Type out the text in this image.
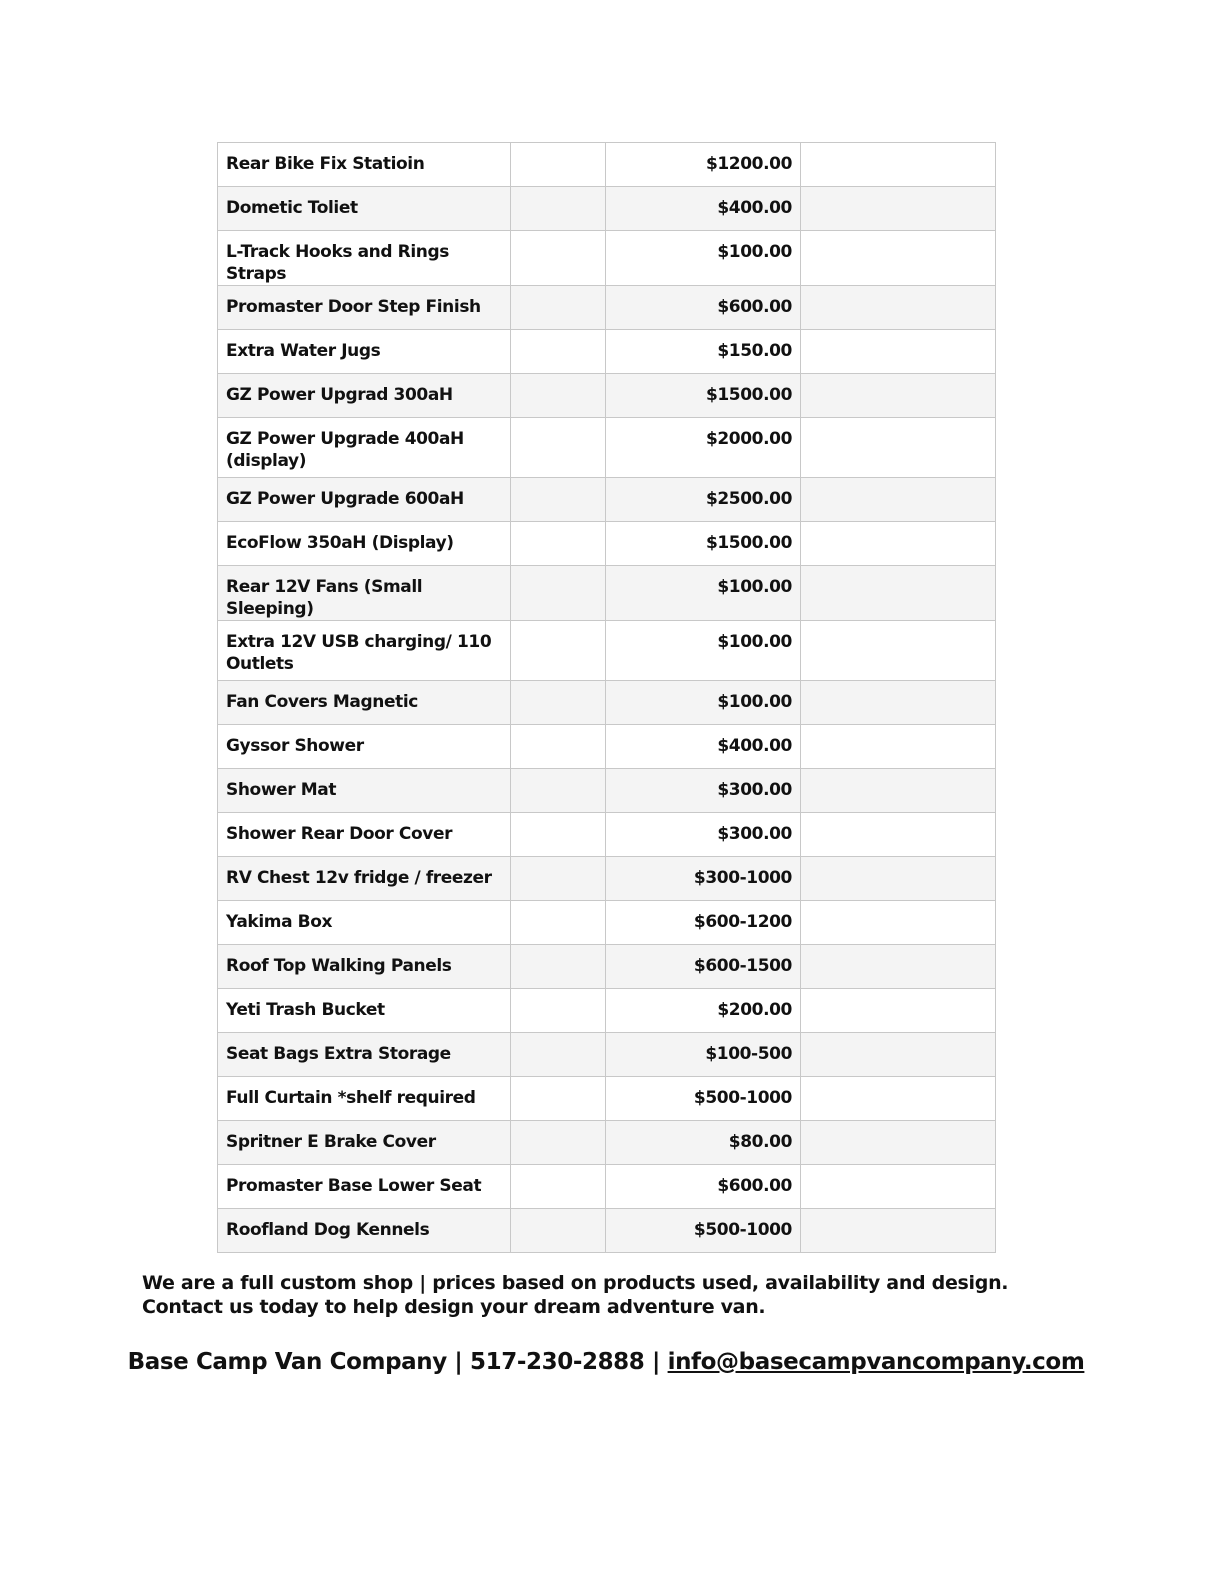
Rear Bike Fix Statioin		$1200.00	
Dometic Toliet		$400.00	
L-Track Hooks and Rings Straps		$100.00	
Promaster Door Step Finish		$600.00	
Extra Water Jugs		$150.00	
GZ Power Upgrad 300aH		$1500.00	
GZ Power Upgrade 400aH (display)		$2000.00	
GZ Power Upgrade 600aH		$2500.00	
EcoFlow 350aH (Display)		$1500.00	
Rear 12V Fans (Small Sleeping)		$100.00	
Extra 12V USB charging/ 110 Outlets		$100.00	
Fan Covers Magnetic		$100.00	
Gyssor Shower		$400.00	
Shower Mat		$300.00	
Shower Rear Door Cover		$300.00	
RV Chest 12v fridge / freezer		$300-1000	
Yakima Box		$600-1200	
Roof Top Walking Panels		$600-1500	
Yeti Trash Bucket		$200.00	
Seat Bags Extra Storage		$100-500	
Full Curtain *shelf required		$500-1000	
Spritner E Brake Cover		$80.00	
Promaster Base Lower Seat		$600.00	
Roofland Dog Kennels		$500-1000	

We are a full custom shop | prices based on products used, availability and design. Contact us today to help design your dream adventure van.

Base Camp Van Company | 517-230-2888 | info@basecampvancompany.com
